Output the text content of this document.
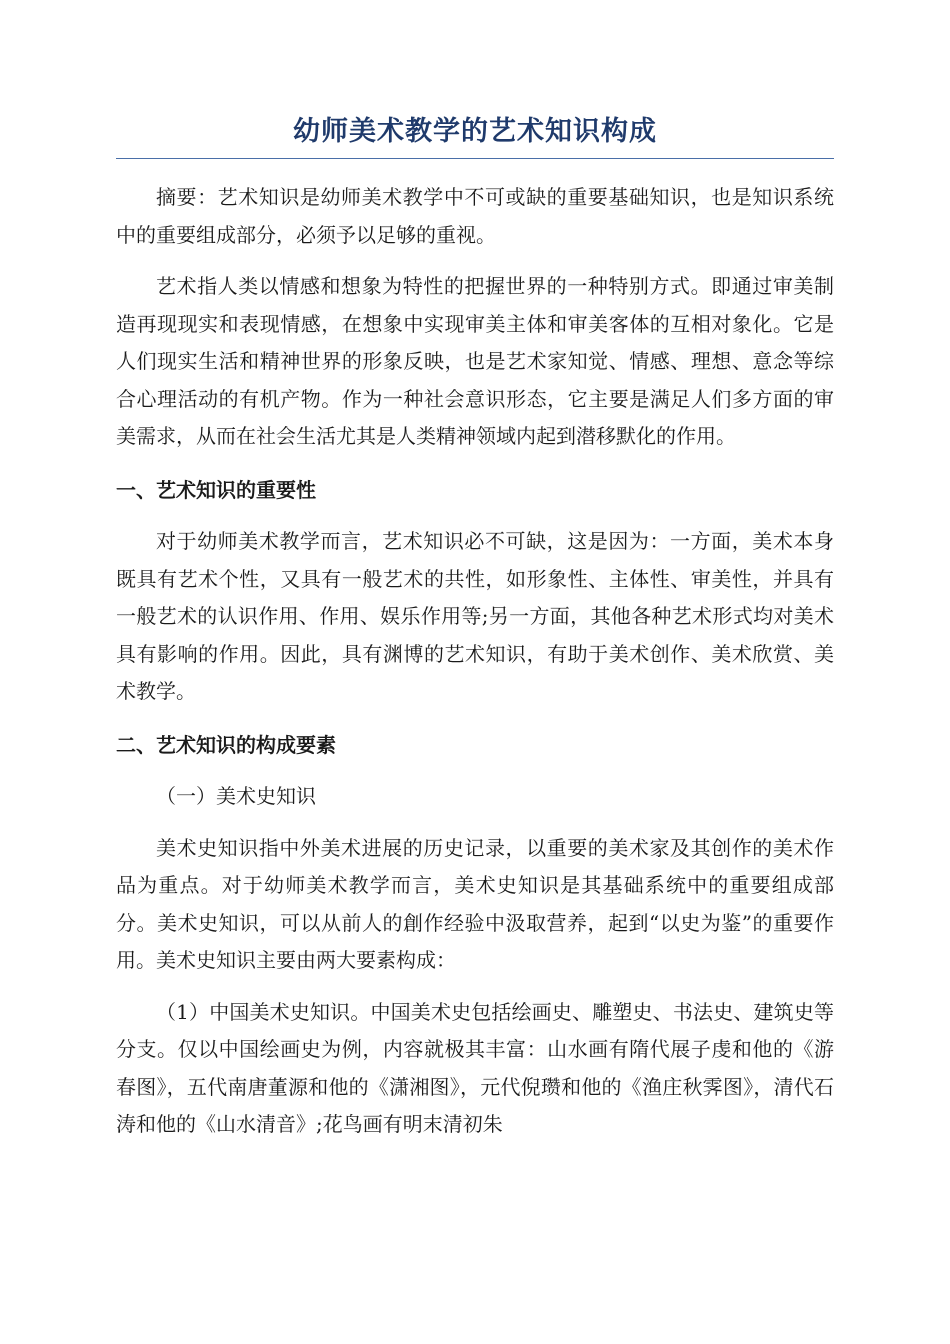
幼师美术教学的艺术知识构成

摘要：艺术知识是幼师美术教学中不可或缺的重要基础知识，也是知识系统中的重要组成部分，必须予以足够的重视。

艺术指人类以情感和想象为特性的把握世界的一种特别方式。即通过审美制造再现现实和表现情感，在想象中实现审美主体和审美客体的互相对象化。它是人们现实生活和精神世界的形象反映，也是艺术家知觉、情感、理想、意念等综合心理活动的有机产物。作为一种社会意识形态，它主要是满足人们多方面的审美需求，从而在社会生活尤其是人类精神领域内起到潜移默化的作用。

一、艺术知识的重要性

对于幼师美术教学而言，艺术知识必不可缺，这是因为：一方面，美术本身既具有艺术个性，又具有一般艺术的共性，如形象性、主体性、审美性，并具有一般艺术的认识作用、作用、娱乐作用等;另一方面，其他各种艺术形式均对美术具有影响的作用。因此，具有渊博的艺术知识，有助于美术创作、美术欣赏、美术教学。

二、艺术知识的构成要素

（一）美术史知识

美术史知识指中外美术进展的历史记录，以重要的美术家及其创作的美术作品为重点。对于幼师美术教学而言，美术史知识是其基础系统中的重要组成部分。美术史知识，可以从前人的創作经验中汲取营养，起到“以史为鉴”的重要作用。美术史知识主要由两大要素构成：

（1）中国美术史知识。中国美术史包括绘画史、雕塑史、书法史、建筑史等分支。仅以中国绘画史为例，内容就极其丰富：山水画有隋代展子虔和他的《游春图》，五代南唐董源和他的《潇湘图》，元代倪瓒和他的《渔庄秋霁图》，清代石涛和他的《山水清音》;花鸟画有明末清初朱
